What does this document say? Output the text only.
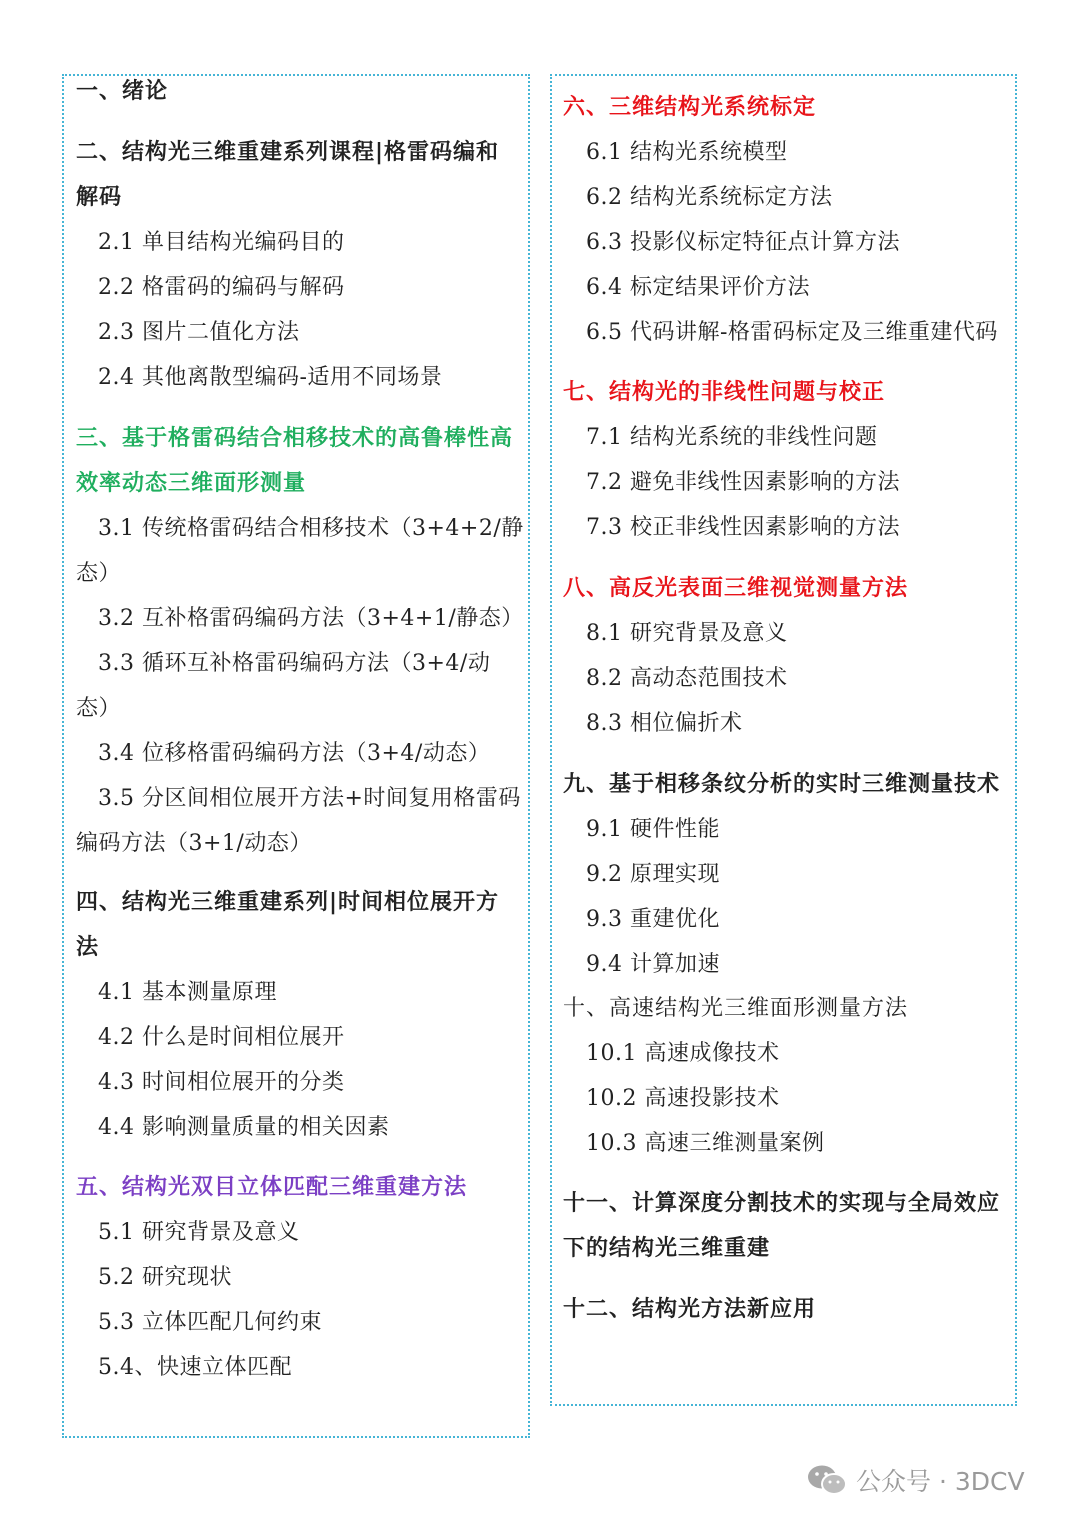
一、绪论
二、结构光三维重建系列课程|格雷码编和
解码
2.1 单目结构光编码目的
2.2 格雷码的编码与解码
2.3 图片二值化方法
2.4 其他离散型编码-适用不同场景
三、基于格雷码结合相移技术的高鲁棒性高
效率动态三维面形测量
3.1 传统格雷码结合相移技术（3+4+2/静
态）
3.2 互补格雷码编码方法（3+4+1/静态）
3.3 循环互补格雷码编码方法（3+4/动
态）
3.4 位移格雷码编码方法（3+4/动态）
3.5 分区间相位展开方法+时间复用格雷码
编码方法（3+1/动态）
四、结构光三维重建系列|时间相位展开方
法
4.1 基本测量原理
4.2 什么是时间相位展开
4.3 时间相位展开的分类
4.4 影响测量质量的相关因素
五、结构光双目立体匹配三维重建方法
5.1 研究背景及意义
5.2 研究现状
5.3 立体匹配几何约束
5.4、快速立体匹配
六、三维结构光系统标定
6.1 结构光系统模型
6.2 结构光系统标定方法
6.3 投影仪标定特征点计算方法
6.4 标定结果评价方法
6.5 代码讲解-格雷码标定及三维重建代码
七、结构光的非线性问题与校正
7.1 结构光系统的非线性问题
7.2 避免非线性因素影响的方法
7.3 校正非线性因素影响的方法
八、高反光表面三维视觉测量方法
8.1 研究背景及意义
8.2 高动态范围技术
8.3 相位偏折术
九、基于相移条纹分析的实时三维测量技术
9.1 硬件性能
9.2 原理实现
9.3 重建优化
9.4 计算加速
十、高速结构光三维面形测量方法
10.1 高速成像技术
10.2 高速投影技术
10.3 高速三维测量案例
十一、计算深度分割技术的实现与全局效应
下的结构光三维重建
十二、结构光方法新应用
公众号 · 3DCV
